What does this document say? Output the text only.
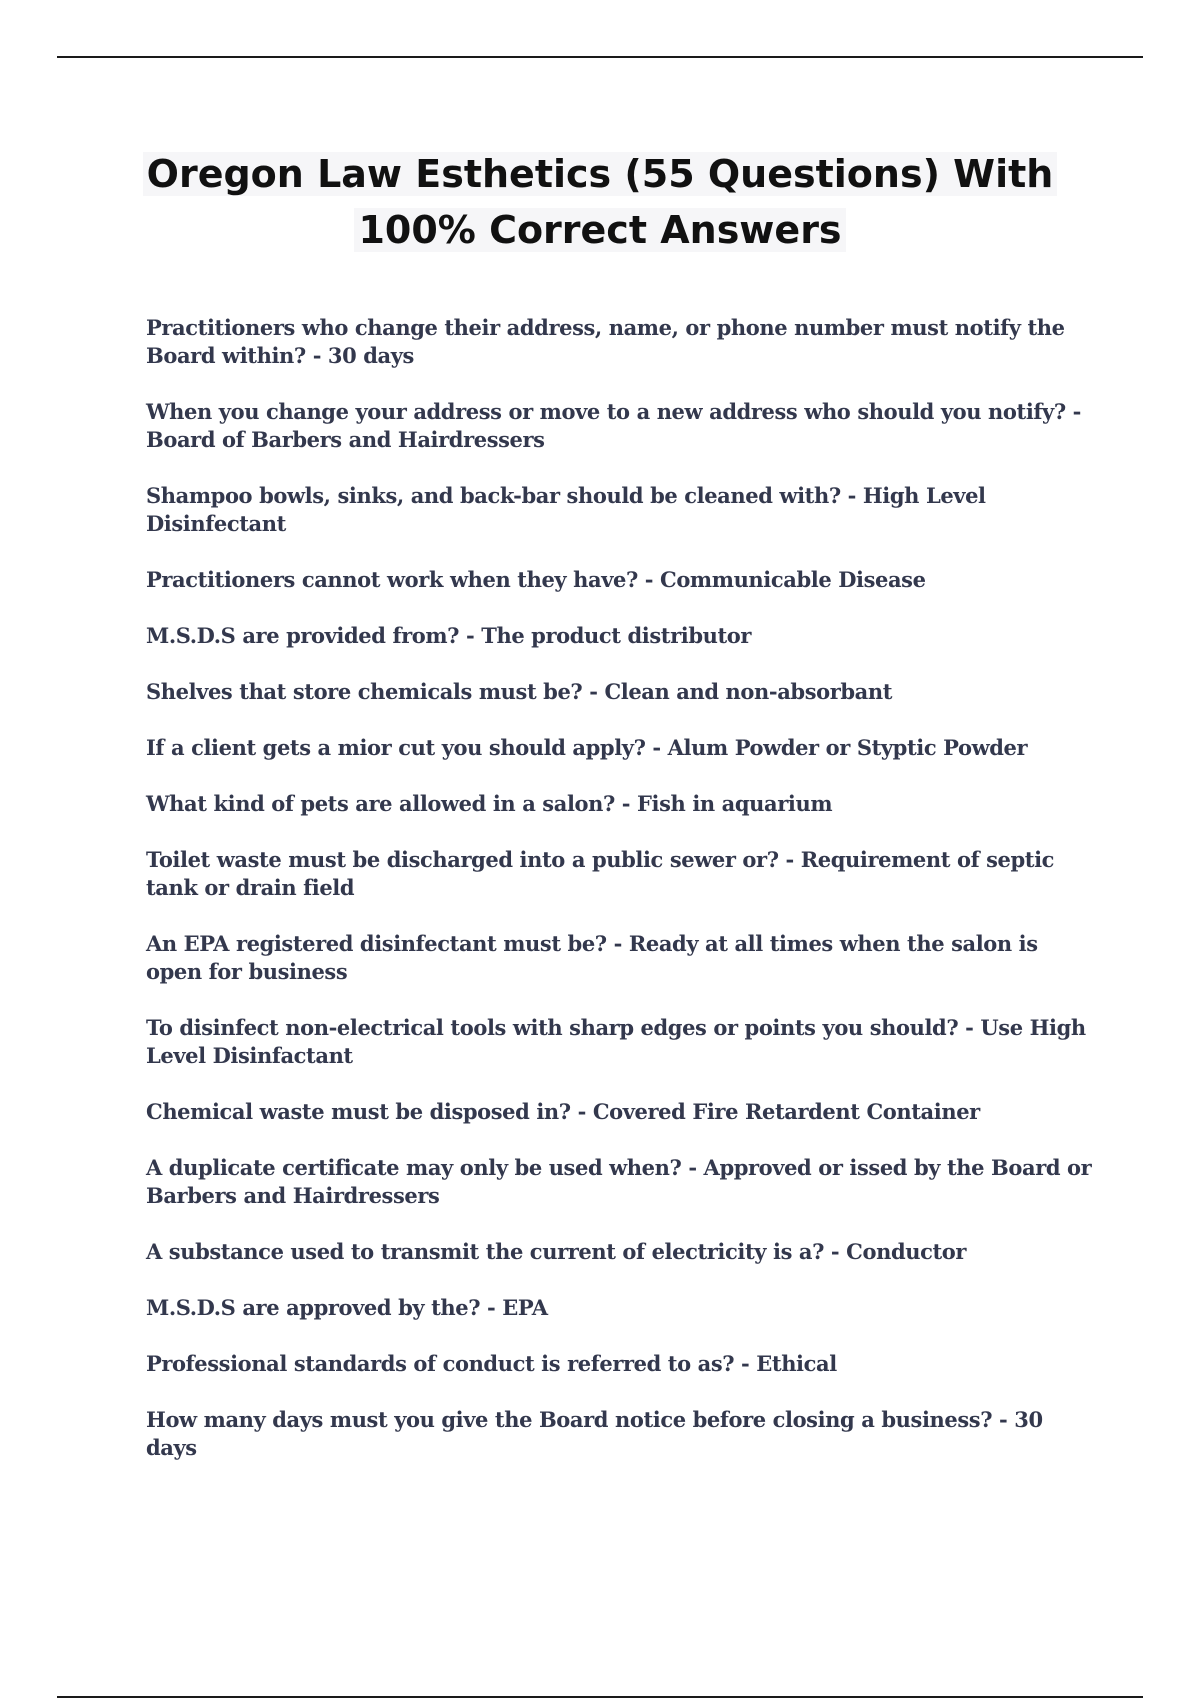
Oregon Law Esthetics (55 Questions) With
100% Correct Answers
Practitioners who change their address, name, or phone number must notify the Board within? - 30 days
When you change your address or move to a new address who should you notify? - Board of Barbers and Hairdressers
Shampoo bowls, sinks, and back-bar should be cleaned with? - High Level Disinfectant
Practitioners cannot work when they have? - Communicable Disease
M.S.D.S are provided from? - The product distributor
Shelves that store chemicals must be? - Clean and non-absorbant
If a client gets a mior cut you should apply? - Alum Powder or Styptic Powder
What kind of pets are allowed in a salon? - Fish in aquarium
Toilet waste must be discharged into a public sewer or? - Requirement of septic tank or drain field
An EPA registered disinfectant must be? - Ready at all times when the salon is open for business
To disinfect non-electrical tools with sharp edges or points you should? - Use High Level Disinfactant
Chemical waste must be disposed in? - Covered Fire Retardent Container
A duplicate certificate may only be used when? - Approved or issed by the Board or Barbers and Hairdressers
A substance used to transmit the current of electricity is a? - Conductor
M.S.D.S are approved by the? - EPA
Professional standards of conduct is referred to as? - Ethical
How many days must you give the Board notice before closing a business? - 30 days
